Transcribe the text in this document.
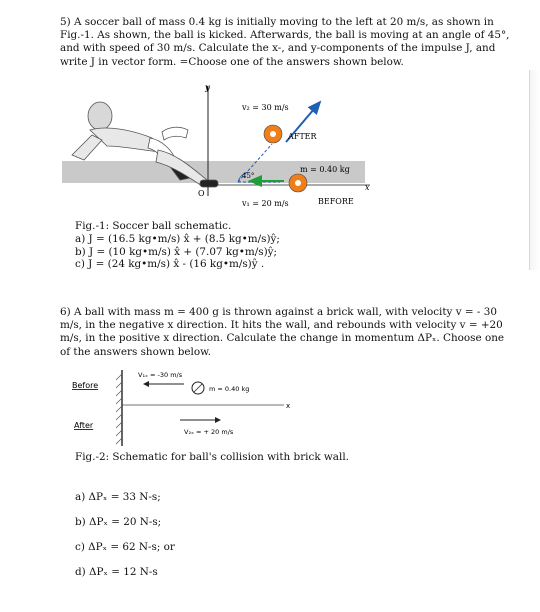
5) A soccer ball of mass 0.4 kg is initially moving to the left at 20 m/s, as shown in Fig.-1. As shown, the ball is kicked. Afterwards, the ball is moving at an angle of 45°, and with speed of 30 m/s. Calculate the x-, and y-components of the impulse J, and write J in vector form. =Choose one of the answers shown below.

y
O
x
v₂ = 30 m/s
AFTER
45°
m = 0.40 kg
v₁ = 20 m/s	BEFORE

Fig.-1: Soccer ball schematic.

a) J = (16.5 kg•m/s) x̂ + (8.5 kg•m/s)ŷ;
b) J = (10 kg•m/s) x̂ + (7.07 kg•m/s)ŷ;
c) J = (24 kg•m/s) x̂ - (16 kg•m/s)ŷ .

6) A ball with mass m = 400 g is thrown against a brick wall, with velocity v = - 30 m/s, in the negative x direction. It hits the wall, and rebounds with velocity v = +20 m/s, in the positive x direction. Calculate the change in momentum ΔPₓ. Choose one of the answers shown below.

Before
After
x
V₁ₓ = -30 m/s
m = 0.40 kg
V₂ₓ = + 20 m/s

Fig.-2: Schematic for ball's collision with brick wall.

a) ΔPₓ = 33 N-s;
b) ΔPₓ = 20 N-s;
c) ΔPₓ = 62 N-s; or
d) ΔPₓ = 12 N-s
